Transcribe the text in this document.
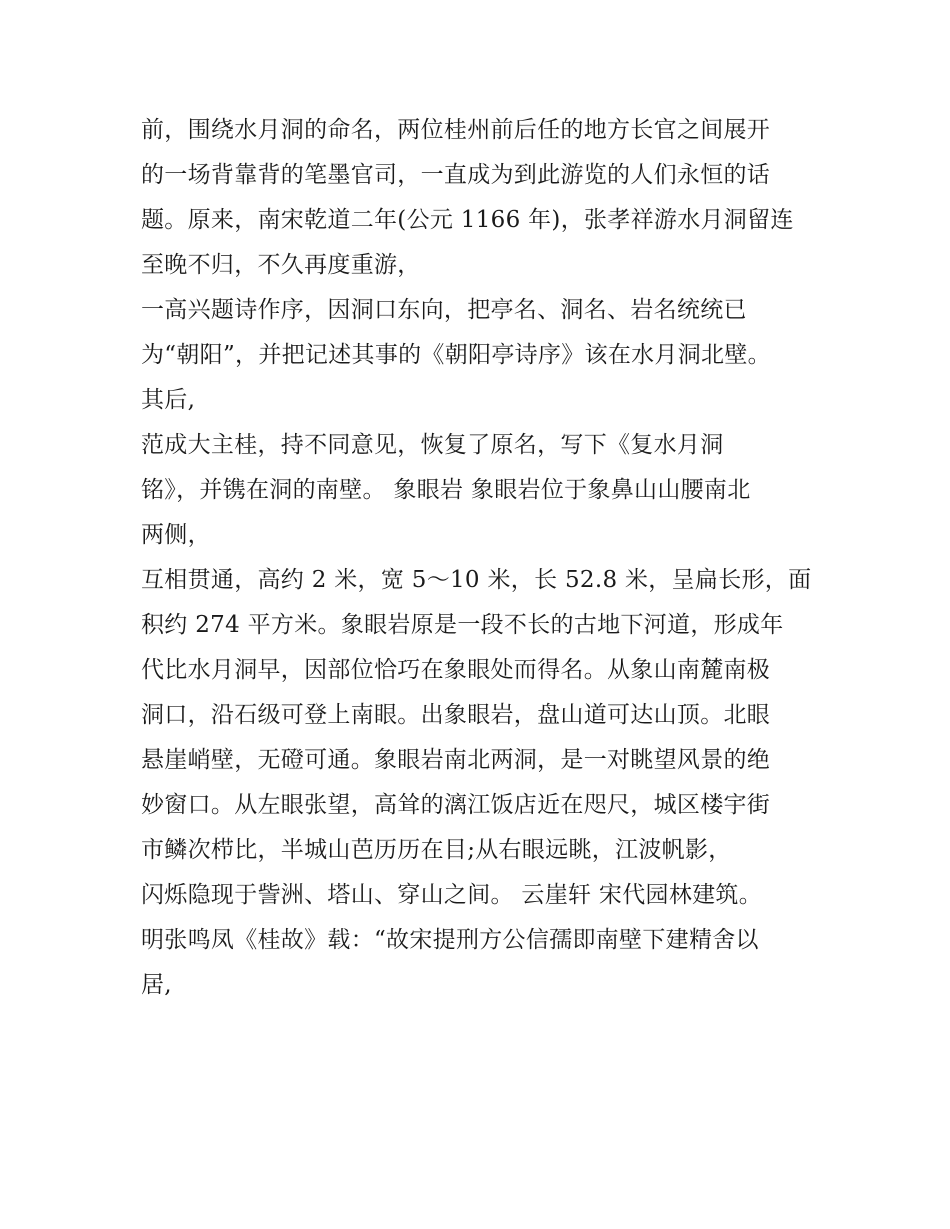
前，围绕水月洞的命名，两位桂州前后任的地方长官之间展开
的一场背靠背的笔墨官司，一直成为到此游览的人们永恒的话
题。原来，南宋乾道二年(公元 1166 年)，张孝祥游水月洞留连
至晚不归，不久再度重游，
一高兴题诗作序，因洞口东向，把亭名、洞名、岩名统统已
为“朝阳”，并把记述其事的《朝阳亭诗序》该在水月洞北壁。
其后,
范成大主桂，持不同意见，恢复了原名，写下《复水月洞
铭》，并镌在洞的南壁。 象眼岩 象眼岩位于象鼻山山腰南北
两侧，
互相贯通，高约 2 米，宽 5～10 米，长 52.8 米，呈扁长形，面
积约 274 平方米。象眼岩原是一段不长的古地下河道，形成年
代比水月洞早，因部位恰巧在象眼处而得名。从象山南麓南极
洞口，沿石级可登上南眼。出象眼岩，盘山道可达山顶。北眼
悬崖峭壁，无磴可通。象眼岩南北两洞，是一对眺望风景的绝
妙窗口。从左眼张望，高耸的漓江饭店近在咫尺，城区楼宇街
市鳞次栉比，半城山芭历历在目;从右眼远眺，江波帆影，
闪烁隐现于訾洲、塔山、穿山之间。 云崖轩 宋代园林建筑。
明张鸣凤《桂故》载：“故宋提刑方公信孺即南壁下建精舍以
居,
